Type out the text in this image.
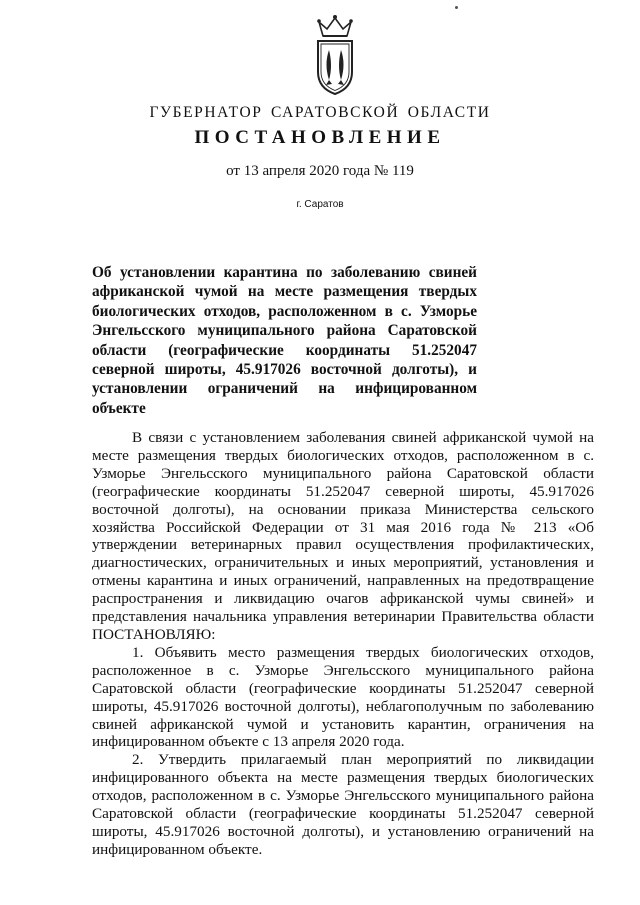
ГУБЕРНАТОР САРАТОВСКОЙ ОБЛАСТИ
ПОСТАНОВЛЕНИЕ
от 13 апреля 2020 года № 119
г. Саратов
Об установлении карантина по заболеванию свиней африканской чумой на месте размещения твердых биологических отходов, расположенном в с. Узморье Энгельсского муниципального района Саратовской области (географические координаты 51.252047 северной широты, 45.917026 восточной долготы), и установлении ограничений на инфицированном объекте

В связи с установлением заболевания свиней африканской чумой на месте размещения твердых биологических отходов, расположенном в с. Узморье Энгельсского муниципального района Саратовской области (географические координаты 51.252047 северной широты, 45.917026 восточной долготы), на основании приказа Министерства сельского хозяйства Российской Федерации от 31 мая 2016 года № 213 «Об утверждении ветеринарных правил осуществления профилактических, диагностических, ограничительных и иных мероприятий, установления и отмены карантина и иных ограничений, направленных на предотвращение распространения и ликвидацию очагов африканской чумы свиней» и представления начальника управления ветеринарии Правительства области ПОСТАНОВЛЯЮ:

1. Объявить место размещения твердых биологических отходов, расположенное в с. Узморье Энгельсского муниципального района Саратовской области (географические координаты 51.252047 северной широты, 45.917026 восточной долготы), неблагополучным по заболеванию свиней африканской чумой и установить карантин, ограничения на инфицированном объекте с 13 апреля 2020 года.

2. Утвердить прилагаемый план мероприятий по ликвидации инфицированного объекта на месте размещения твердых биологических отходов, расположенном в с. Узморье Энгельсского муниципального района Саратовской области (географические координаты 51.252047 северной широты, 45.917026 восточной долготы), и установлению ограничений на инфицированном объекте.
